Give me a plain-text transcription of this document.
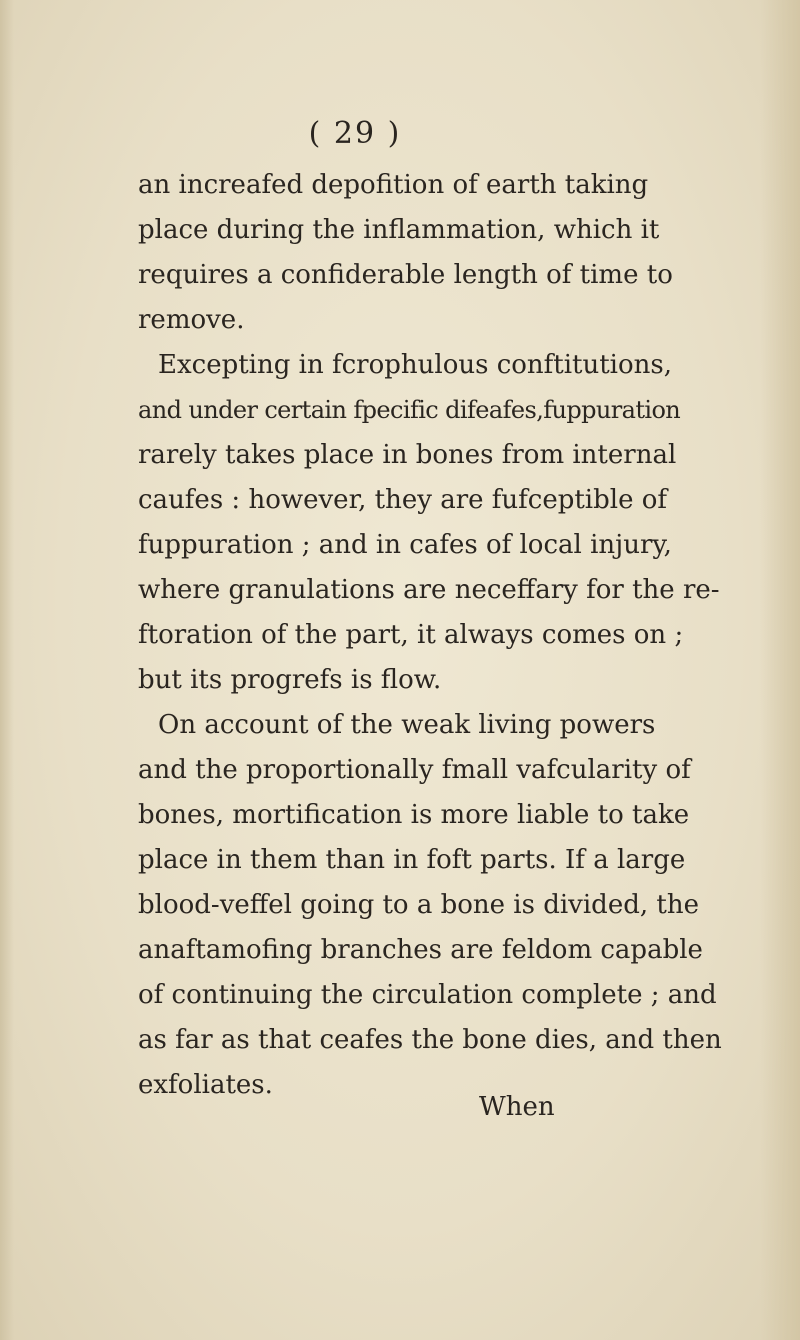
( 29 )
an increafed depofition of earth taking
place during the inflammation, which it
requires a confiderable length of time to
remove.
Excepting in fcrophulous conftitutions,
and under certain fpecific difeafes,fuppuration
rarely takes place in bones from internal
caufes : however, they are fufceptible of
fuppuration ; and in cafes of local injury,
where granulations are neceffary for the re-
ftoration of the part, it always comes on ;
but its progrefs is flow.
On account of the weak living powers
and the proportionally fmall vafcularity of
bones, mortification is more liable to take
place in them than in foft parts. If a large
blood-veffel going to a bone is divided, the
anaftamofing branches are feldom capable
of continuing the circulation complete ; and
as far as that ceafes the bone dies, and then
exfoliates.
When
